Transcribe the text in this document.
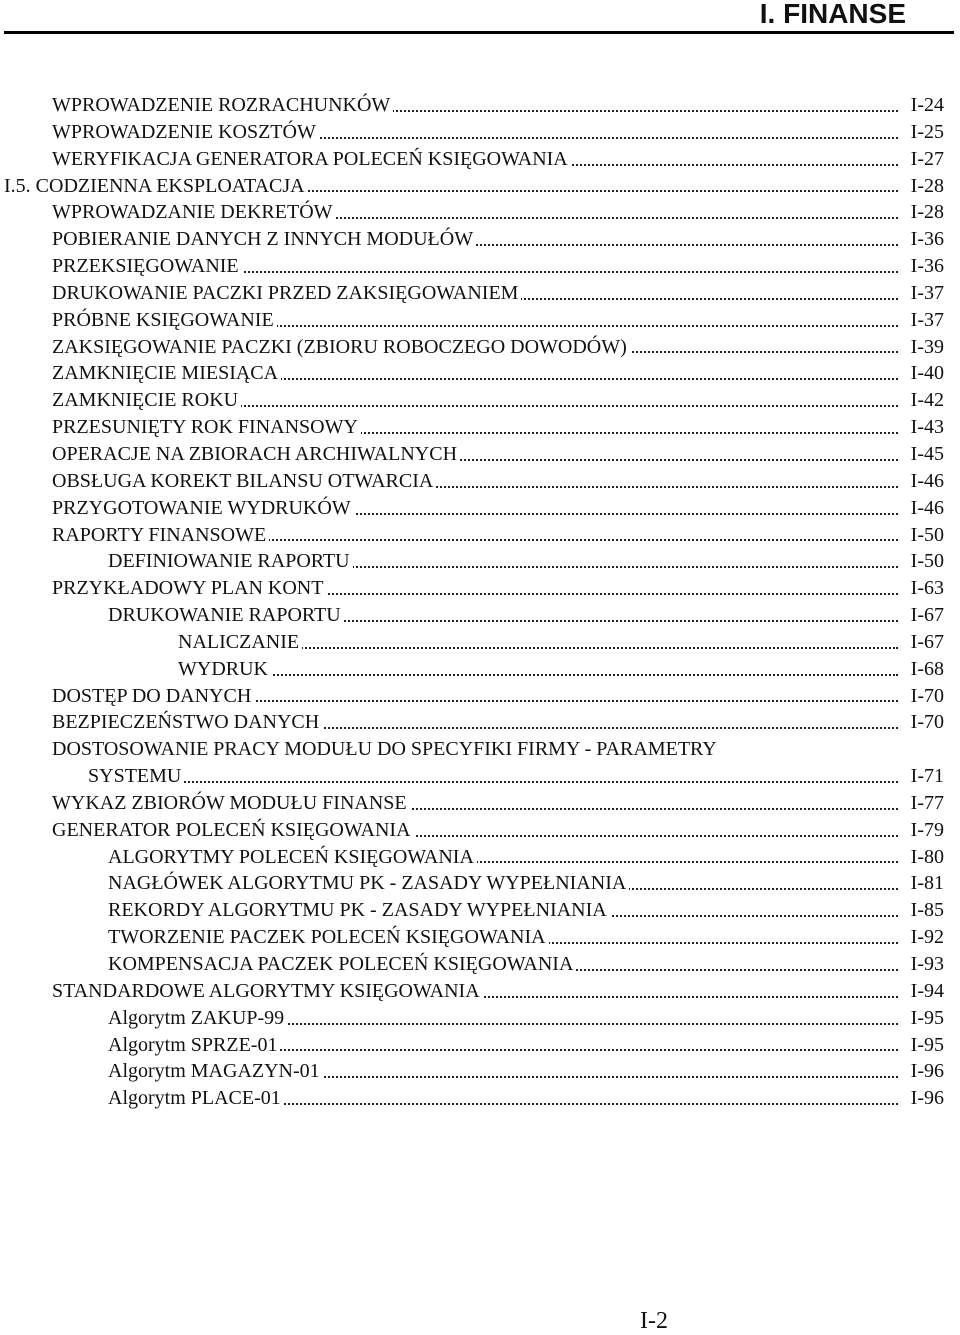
I. FINANSE
WPROWADZENIE ROZRACHUNKÓW	I-24
WPROWADZENIE KOSZTÓW	I-25
WERYFIKACJA GENERATORA POLECEŃ KSIĘGOWANIA	I-27
I.5. CODZIENNA EKSPLOATACJA	I-28
WPROWADZANIE DEKRETÓW	I-28
POBIERANIE DANYCH Z INNYCH MODUŁÓW	I-36
PRZEKSIĘGOWANIE	I-36
DRUKOWANIE PACZKI PRZED ZAKSIĘGOWANIEM	I-37
PRÓBNE KSIĘGOWANIE	I-37
ZAKSIĘGOWANIE PACZKI (ZBIORU ROBOCZEGO DOWODÓW)	I-39
ZAMKNIĘCIE MIESIĄCA	I-40
ZAMKNIĘCIE ROKU	I-42
PRZESUNIĘTY ROK FINANSOWY	I-43
OPERACJE NA ZBIORACH ARCHIWALNYCH	I-45
OBSŁUGA KOREKT BILANSU OTWARCIA	I-46
PRZYGOTOWANIE WYDRUKÓW	I-46
RAPORTY FINANSOWE	I-50
DEFINIOWANIE RAPORTU	I-50
PRZYKŁADOWY PLAN KONT	I-63
DRUKOWANIE RAPORTU	I-67
NALICZANIE	I-67
WYDRUK	I-68
DOSTĘP DO DANYCH	I-70
BEZPIECZEŃSTWO DANYCH	I-70
DOSTOSOWANIE PRACY MODUŁU DO SPECYFIKI FIRMY - PARAMETRY
SYSTEMU	I-71
WYKAZ ZBIORÓW MODUŁU FINANSE	I-77
GENERATOR POLECEŃ KSIĘGOWANIA	I-79
ALGORYTMY POLECEŃ KSIĘGOWANIA	I-80
NAGŁÓWEK ALGORYTMU PK - ZASADY WYPEŁNIANIA	I-81
REKORDY ALGORYTMU PK - ZASADY WYPEŁNIANIA	I-85
TWORZENIE PACZEK POLECEŃ KSIĘGOWANIA	I-92
KOMPENSACJA PACZEK POLECEŃ KSIĘGOWANIA	I-93
STANDARDOWE ALGORYTMY KSIĘGOWANIA	I-94
Algorytm ZAKUP-99	I-95
Algorytm SPRZE-01	I-95
Algorytm MAGAZYN-01	I-96
Algorytm PLACE-01	I-96
I-2
